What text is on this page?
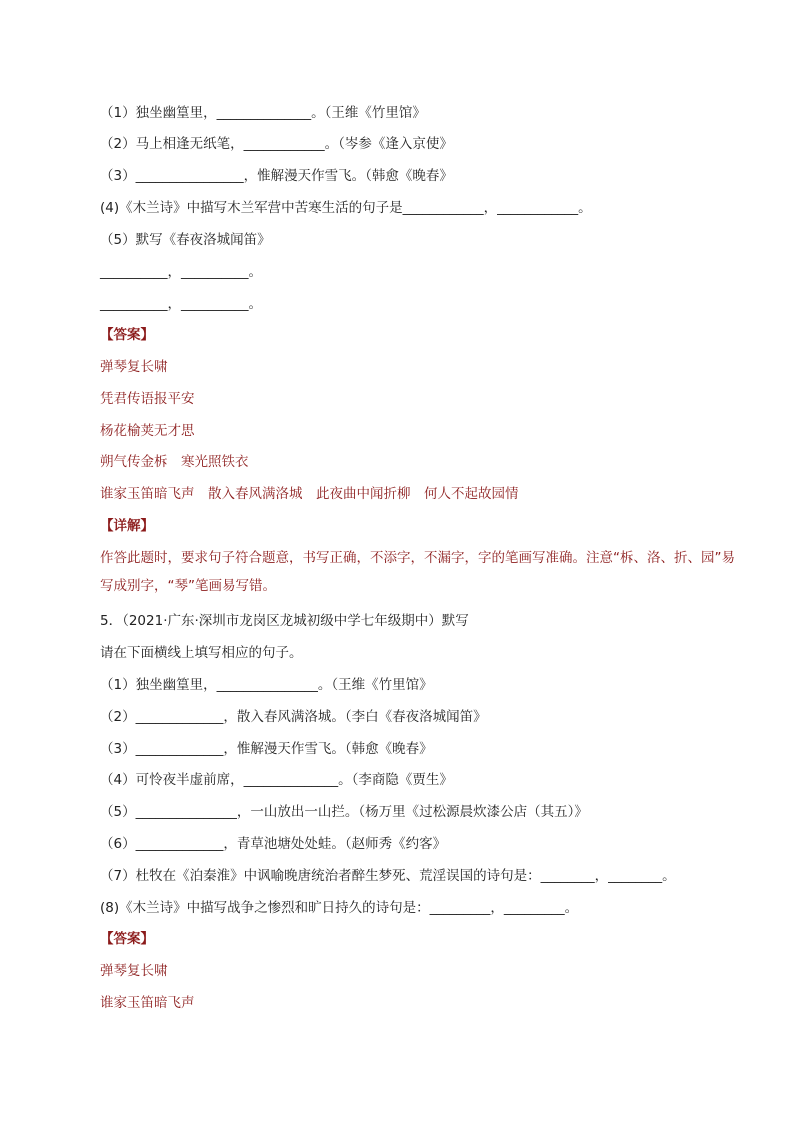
（1）独坐幽篁里，______________。（王维《竹里馆》
（2）马上相逢无纸笔，____________。（岑参《逢入京使》
（3）________________，惟解漫天作雪飞。（韩愈《晚春》
(4)《木兰诗》中描写木兰军营中苦寒生活的句子是____________，____________。
（5）默写《春夜洛城闻笛》
__________，__________。
__________，__________。
【答案】
弹琴复长啸
凭君传语报平安
杨花榆荚无才思
朔气传金柝　寒光照铁衣
谁家玉笛暗飞声　散入春风满洛城　此夜曲中闻折柳　何人不起故园情
【详解】
作答此题时，要求句子符合题意，书写正确，不添字，不漏字，字的笔画写准确。注意“柝、洛、折、园”易写成别字，“琴”笔画易写错。
5．（2021·广东·深圳市龙岗区龙城初级中学七年级期中）默写
请在下面横线上填写相应的句子。
（1）独坐幽篁里，_______________。（王维《竹里馆》
（2）_____________，散入春风满洛城。（李白《春夜洛城闻笛》
（3）_____________，惟解漫天作雪飞。（韩愈《晚春》
（4）可怜夜半虚前席，______________。（李商隐《贾生》
（5）_______________，一山放出一山拦。（杨万里《过松源晨炊漆公店（其五）》
（6）_____________，青草池塘处处蛙。（赵师秀《约客》
（7）杜牧在《泊秦淮》中讽喻晚唐统治者醉生梦死、荒淫误国的诗句是：________，________。
(8)《木兰诗》中描写战争之惨烈和旷日持久的诗句是：_________，_________。
【答案】
弹琴复长啸
谁家玉笛暗飞声
